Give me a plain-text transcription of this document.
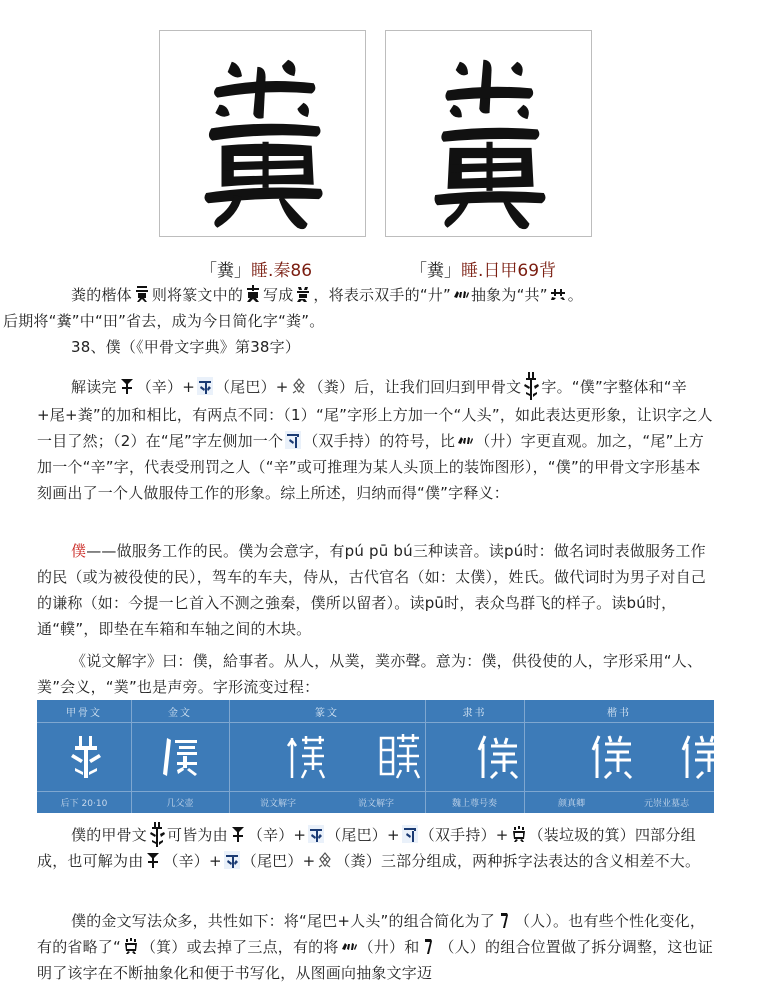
「糞」睡.秦86	「糞」睡.日甲69背
粪的楷体 则将篆文中的 写成 ，将表示双手的“廾” 抽象为“共” 。
后期将“糞”中“田”省去，成为今日简化字“粪”。
38、僕（《甲骨文字典》第38字）
解读完 （辛）+ （尾巴）+ （粪）后，让我们回归到甲骨文 字。“僕”字整体和“辛+尾+粪”的加和相比，有两点不同：（1）“尾”字形上方加一个“人头”，如此表达更形象，让识字之人一目了然；（2）在“尾”字左侧加一个 （双手持）的符号，比 （廾）字更直观。加之，“尾”上方加一个“辛”字，代表受刑罚之人（“辛”或可推理为某人头顶上的装饰图形），“僕”的甲骨文字形基本刻画出了一个人做服侍工作的形象。综上所述，归纳而得“僕”字释义：
僕——做服务工作的民。僕为会意字，有pú pū bú三种读音。读pú时：做名词时表做服务工作的民（或为被役使的民），驾车的车夫，侍从，古代官名（如：太僕），姓氏。做代词时为男子对自己的谦称（如：今提一匕首入不测之強秦，僕所以留者）。读pū时，表众鸟群飞的样子。读bú时，通“轐”，即垫在车箱和车轴之间的木块。
《说文解字》曰：僕，給事者。从人，从菐，菐亦聲。意为：僕，供役使的人，字形采用“人、菐”会义，“菐”也是声旁。字形流变过程：
甲骨文	金文	篆文	隶书	楷书
后下 20·10	几父壶	说文解字	说文解字	魏上尊号奏	颜真卿	元崇业墓志
僕的甲骨文 可皆为由 （辛）+ （尾巴）+ （双手持）+ （装垃圾的箕）四部分组成，也可解为由 （辛）+ （尾巴）+ （粪）三部分组成，两种拆字法表达的含义相差不大。
僕的金文写法众多，共性如下：将“尾巴+人头”的组合简化为了 （人）。也有些个性化变化，有的省略了“ （箕）或去掉了三点，有的将 （廾）和 （人）的组合位置做了拆分调整，这也证明了该字在不断抽象化和便于书写化，从图画向抽象文字迈
